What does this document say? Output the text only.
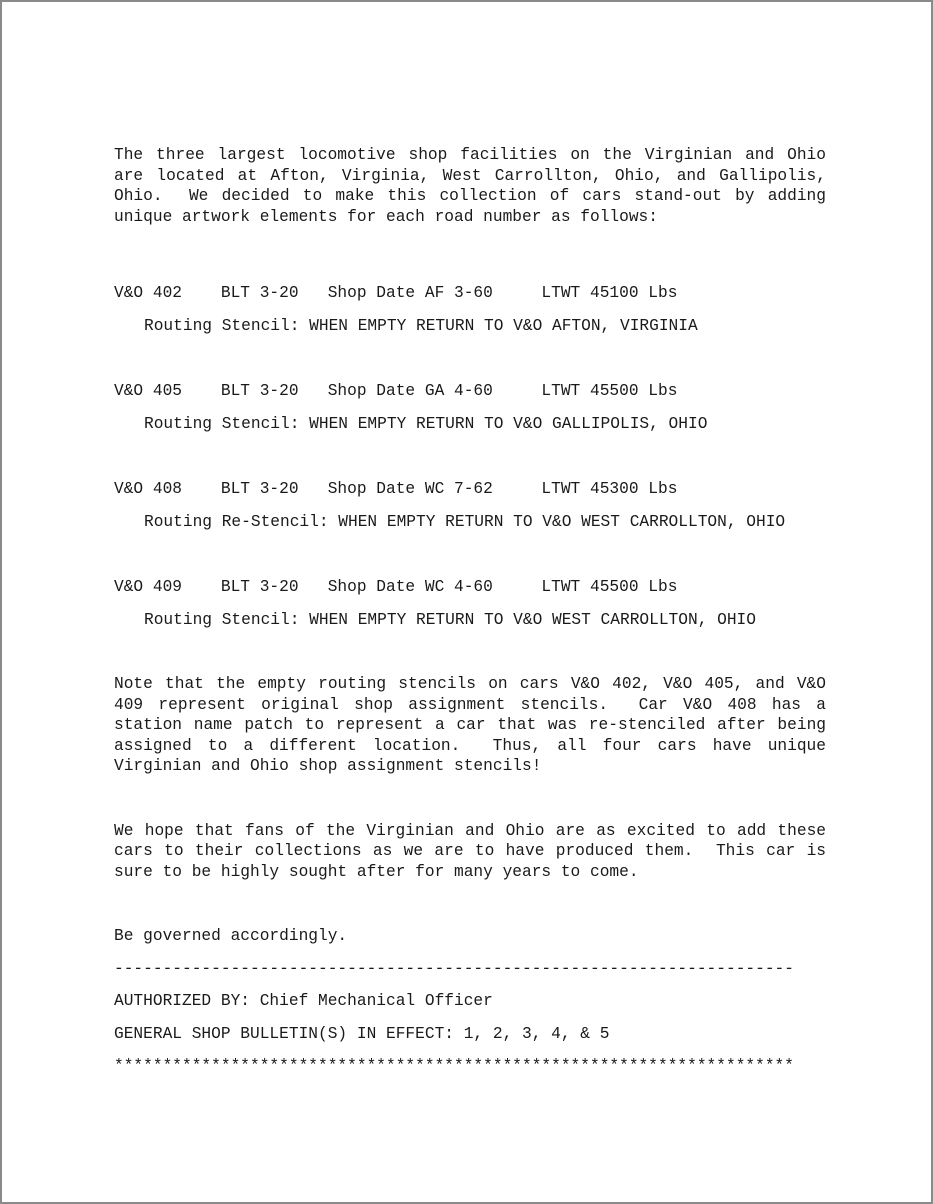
The three largest locomotive shop facilities on the Virginian and Ohio are located at Afton, Virginia, West Carrollton, Ohio, and Gallipolis, Ohio.  We decided to make this collection of cars stand-out by adding unique artwork elements for each road number as follows:

V&O 402    BLT 3-20   Shop Date AF 3-60     LTWT 45100 Lbs

Routing Stencil: WHEN EMPTY RETURN TO V&O AFTON, VIRGINIA

V&O 405    BLT 3-20   Shop Date GA 4-60     LTWT 45500 Lbs

Routing Stencil: WHEN EMPTY RETURN TO V&O GALLIPOLIS, OHIO

V&O 408    BLT 3-20   Shop Date WC 7-62     LTWT 45300 Lbs

Routing Re-Stencil: WHEN EMPTY RETURN TO V&O WEST CARROLLTON, OHIO

V&O 409    BLT 3-20   Shop Date WC 4-60     LTWT 45500 Lbs

Routing Stencil: WHEN EMPTY RETURN TO V&O WEST CARROLLTON, OHIO

Note that the empty routing stencils on cars V&O 402, V&O 405, and V&O 409 represent original shop assignment stencils.  Car V&O 408 has a station name patch to represent a car that was re-stenciled after being assigned to a different location.  Thus, all four cars have unique Virginian and Ohio shop assignment stencils!

We hope that fans of the Virginian and Ohio are as excited to add these cars to their collections as we are to have produced them.  This car is sure to be highly sought after for many years to come.

Be governed accordingly.

----------------------------------------------------------------------

AUTHORIZED BY: Chief Mechanical Officer

GENERAL SHOP BULLETIN(S) IN EFFECT: 1, 2, 3, 4, & 5

**********************************************************************
